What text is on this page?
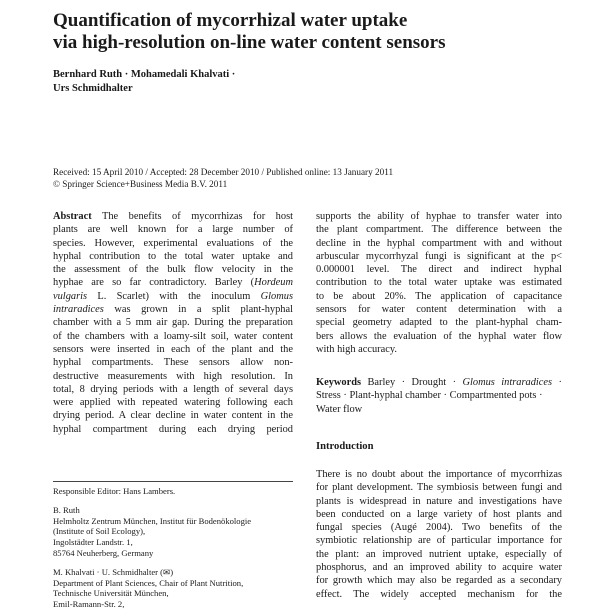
Quantification of mycorrhizal water uptake
via high-resolution on-line water content sensors
Bernhard Ruth · Mohamedali Khalvati ·
Urs Schmidhalter
Received: 15 April 2010 / Accepted: 28 December 2010 / Published online: 13 January 2011
© Springer Science+Business Media B.V. 2011
Abstract The benefits of mycorrhizas for host
plants are well known for a large number of
species. However, experimental evaluations of the
hyphal contribution to the total water uptake and
the assessment of the bulk flow velocity in the
hyphae are so far contradictory. Barley (Hordeum
vulgaris L. Scarlet) with the inoculum Glomus
intraradices was grown in a split plant-hyphal
chamber with a 5 mm air gap. During the preparation
of the chambers with a loamy-silt soil, water content
sensors were inserted in each of the plant and the
hyphal compartments. These sensors allow non-
destructive measurements with high resolution. In
total, 8 drying periods with a length of several days
were applied with repeated watering following each
drying period. A clear decline in water content in the
hyphal compartment during each drying period
supports the ability of hyphae to transfer water into
the plant compartment. The difference between the
decline in the hyphal compartment with and without
arbuscular mycorrhyzal fungi is significant at the p<
0.000001 level. The direct and indirect hyphal
contribution to the total water uptake was estimated
to be about 20%. The application of capacitance
sensors for water content determination with a
special geometry adapted to the plant-hyphal cham-
bers allows the evaluation of the hyphal water flow
with high accuracy.
Keywords Barley · Drought · Glomus intraradices ·
Stress · Plant-hyphal chamber · Compartmented pots ·
Water flow
Introduction
There is no doubt about the importance of mycorrhizas
for plant development. The symbiosis between fungi and
plants is widespread in nature and investigations have
been conducted on a large variety of host plants and
fungal species (Augé 2004). Two benefits of the
symbiotic relationship are of particular importance for
the plant: an improved nutrient uptake, especially of
phosphorus, and an improved ability to acquire water
for growth which may also be regarded as a secondary
effect. The widely accepted mechanism for the
Responsible Editor: Hans Lambers.
B. Ruth
Helmholtz Zentrum München, Institut für Bodenökologie
(Institute of Soil Ecology),
Ingolstädter Landstr. 1,
85764 Neuherberg, Germany
M. Khalvati · U. Schmidhalter (✉)
Department of Plant Sciences, Chair of Plant Nutrition,
Technische Universität München,
Emil-Ramann-Str. 2,
